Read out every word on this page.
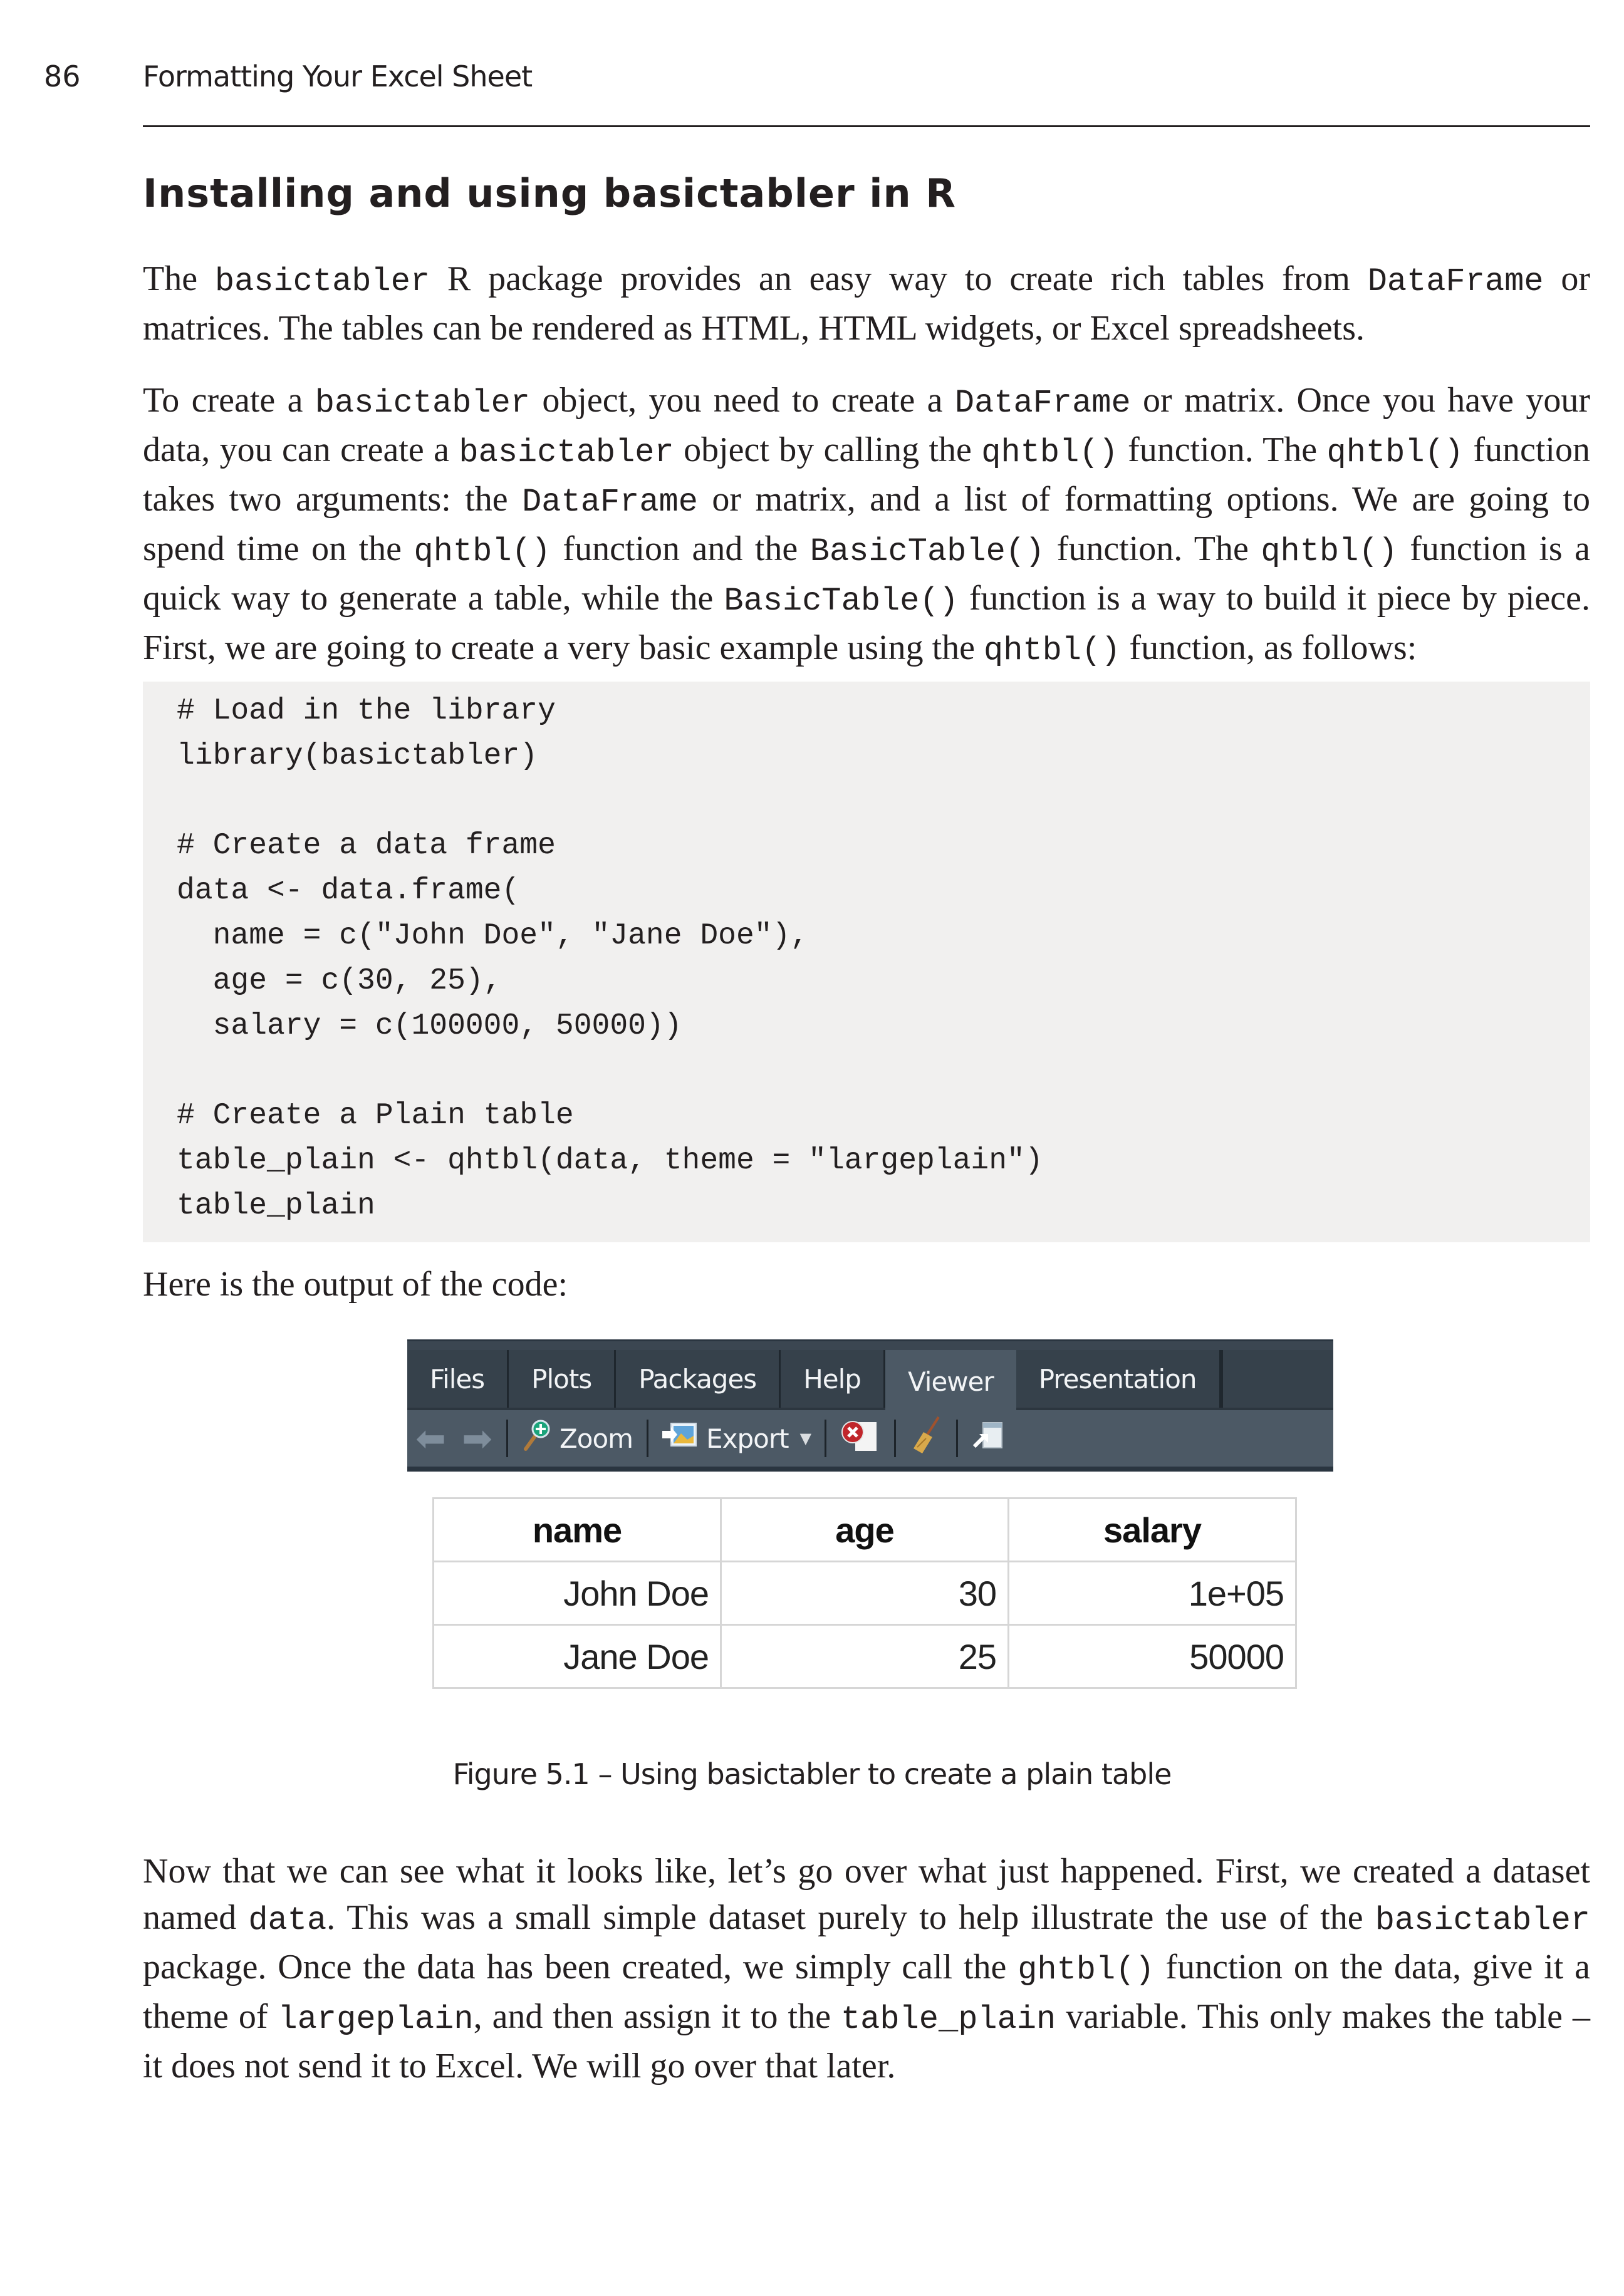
86 Formatting Your Excel Sheet
Installing and using basictabler in R

The basictabler R package provides an easy way to create rich tables from DataFrame or matrices. The tables can be rendered as HTML, HTML widgets, or Excel spreadsheets.

To create a basictabler object, you need to create a DataFrame or matrix. Once you have your data, you can create a basictabler object by calling the qhtbl() function. The qhtbl() function takes two arguments: the DataFrame or matrix, and a list of formatting options. We are going to spend time on the qhtbl() function and the BasicTable() function. The qhtbl() function is a quick way to generate a table, while the BasicTable() function is a way to build it piece by piece. First, we are going to create a very basic example using the qhtbl() function, as follows:

# Load in the library
library(basictabler)

# Create a data frame
data <- data.frame(
name = c("John Doe", "Jane Doe"),
age = c(30, 25),
salary = c(100000, 50000))

# Create a Plain table
table_plain <- qhtbl(data, theme = "largeplain")
table_plain

Here is the output of the code:

Files	Plots	Packages	Help	Viewer	Presentation
⬅ ➡	Zoom	Export ▼
name	age	salary
John Doe	30	1e+05
Jane Doe	25	50000

Figure 5.1 – Using basictabler to create a plain table

Now that we can see what it looks like, let’s go over what just happened. First, we created a dataset named data. This was a small simple dataset purely to help illustrate the use of the basictabler package. Once the data has been created, we simply call the ghtbl() function on the data, give it a theme of largeplain, and then assign it to the table_plain variable. This only makes the table – it does not send it to Excel. We will go over that later.
